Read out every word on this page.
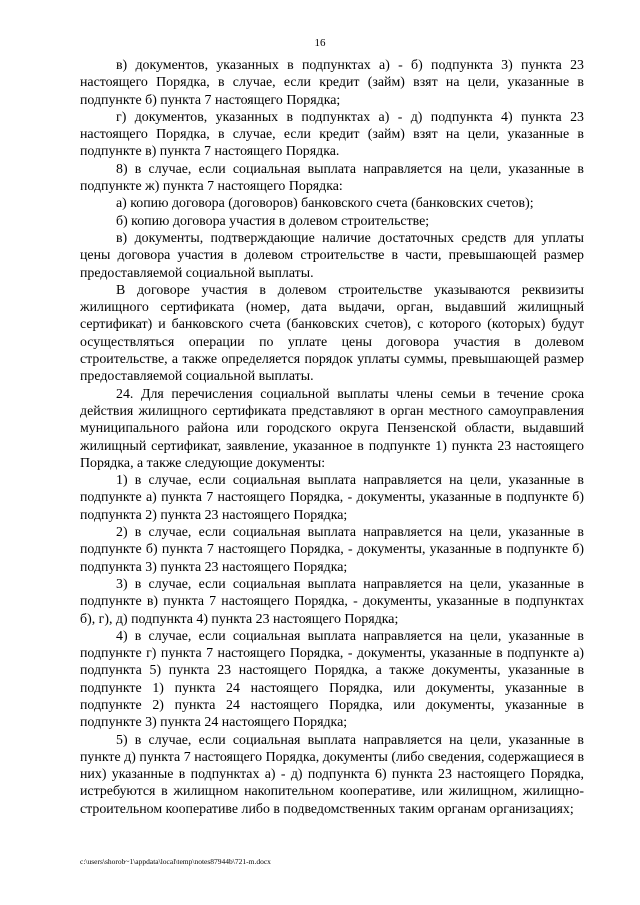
16

в) документов, указанных в подпунктах а) - б) подпункта 3) пункта 23 настоящего Порядка, в случае, если кредит (займ) взят на цели, указанные в подпункте б) пункта 7 настоящего Порядка;

г) документов, указанных в подпунктах а) - д) подпункта 4) пункта 23 настоящего Порядка, в случае, если кредит (займ) взят на цели, указанные в подпункте в) пункта 7 настоящего Порядка.

8) в случае, если социальная выплата направляется на цели, указанные в подпункте ж) пункта 7 настоящего Порядка:

а) копию договора (договоров) банковского счета (банковских счетов);

б) копию договора участия в долевом строительстве;

в) документы, подтверждающие наличие достаточных средств для уплаты цены договора участия в долевом строительстве в части, превышающей размер предоставляемой социальной выплаты.

В договоре участия в долевом строительстве указываются реквизиты жилищного сертификата (номер, дата выдачи, орган, выдавший жилищный сертификат) и банковского счета (банковских счетов), с которого (которых) будут осуществляться операции по уплате цены договора участия в долевом строительстве, а также определяется порядок уплаты суммы, превышающей размер предоставляемой социальной выплаты.

24. Для перечисления социальной выплаты члены семьи в течение срока действия жилищного сертификата представляют в орган местного самоуправления муниципального района или городского округа Пензенской области, выдавший жилищный сертификат, заявление, указанное в подпункте 1) пункта 23 настоящего Порядка, а также следующие документы:

1) в случае, если социальная выплата направляется на цели, указанные в подпункте а) пункта 7 настоящего Порядка, - документы, указанные в подпункте б) подпункта 2) пункта 23 настоящего Порядка;

2) в случае, если социальная выплата направляется на цели, указанные в подпункте б) пункта 7 настоящего Порядка, - документы, указанные в подпункте б) подпункта 3) пункта 23 настоящего Порядка;

3) в случае, если социальная выплата направляется на цели, указанные в подпункте в) пункта 7 настоящего Порядка, - документы, указанные в подпунктах б), г), д) подпункта 4) пункта 23 настоящего Порядка;

4) в случае, если социальная выплата направляется на цели, указанные в подпункте г) пункта 7 настоящего Порядка, - документы, указанные в подпункте а) подпункта 5) пункта 23 настоящего Порядка, а также документы, указанные в подпункте 1) пункта 24 настоящего Порядка, или документы, указанные в подпункте 2) пункта 24 настоящего Порядка, или документы, указанные в подпункте 3) пункта 24 настоящего Порядка;

5) в случае, если социальная выплата направляется на цели, указанные в пункте д) пункта 7 настоящего Порядка, документы (либо сведения, содержащиеся в них) указанные в подпунктах а) - д) подпункта 6) пункта 23 настоящего Порядка, истребуются в жилищном накопительном кооперативе, или жилищном, жилищно-строительном кооперативе либо в подведомственных таким органам организациях;

c:\users\shorob~1\appdata\local\temp\notes87944b\721-m.docx
